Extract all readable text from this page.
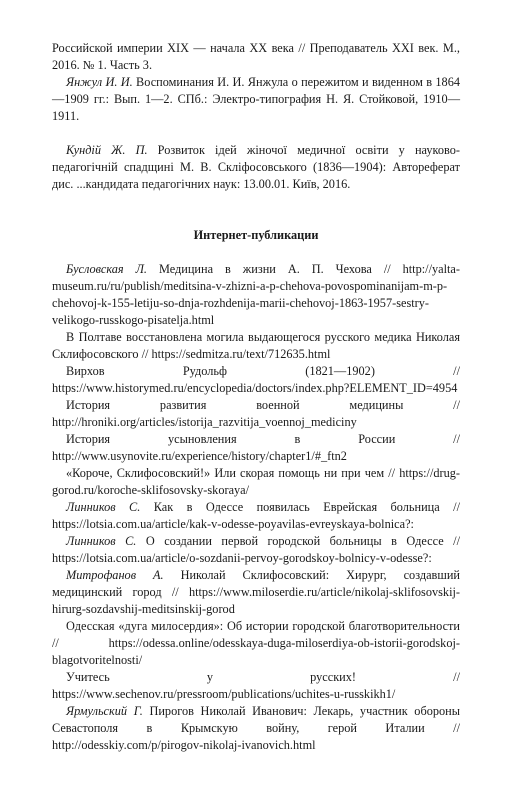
Российской империи XIX — начала XX века // Преподаватель XXI век. М., 2016. № 1. Часть 3.

Янжул И. И. Воспоминания И. И. Янжула о пережитом и виденном в 1864—1909 гг.: Вып. 1—2. СПб.: Электро-типография Н. Я. Стойковой, 1910—1911.

Кундій Ж. П. Розвиток ідей жіночої медичної освіти у науково-педагогічній спадщині М. В. Скліфосовського (1836—1904): Автореферат дис. ...кандидата педагогічних наук: 13.00.01. Київ, 2016.

Интернет-публикации

Бусловская Л. Медицина в жизни А. П. Чехова // http://yalta-museum.ru/ru/publish/meditsina-v-zhizni-a-p-chehova-povospominanijam-m-p-chehovoj-k-155-letiju-so-dnja-rozhdenija-marii-chehovoj-1863-1957-sestry-velikogo-russkogo-pisatelja.html

В Полтаве восстановлена могила выдающегося русского медика Николая Склифосовского // https://sedmitza.ru/text/712635.html

Вирхов Рудольф (1821—1902) // https://www.historymed.ru/encyclopedia/doctors/index.php?ELEMENT_ID=4954

История развития военной медицины // http://hroniki.org/articles/istorija_razvitija_voennoj_mediciny

История усыновления в России // http://www.usynovite.ru/experience/history/chapter1/#_ftn2

«Короче, Склифосовский!» Или скорая помощь ни при чем // https://drug-gorod.ru/koroche-sklifosovsky-skoraya/

Линников С. Как в Одессе появилась Еврейская больница // https://lotsia.com.ua/article/kak-v-odesse-poyavilas-evreyskaya-bolnica?:

Линников С. О создании первой городской больницы в Одессе // https://lotsia.com.ua/article/o-sozdanii-pervoy-gorodskoy-bolnicy-v-odesse?:

Митрофанов А. Николай Склифосовский: Хирург, создавший медицинский город // https://www.miloserdie.ru/article/nikolaj-sklifosovskij-hirurg-sozdavshij-meditsinskij-gorod

Одесская «дуга милосердия»: Об истории городской благотворительности // https://odessa.online/odesskaya-duga-miloserdiya-ob-istorii-gorodskoj-blagotvoritelnosti/

Учитесь у русских! // https://www.sechenov.ru/pressroom/publications/uchites-u-russkikh1/

Ярмульский Г. Пирогов Николай Иванович: Лекарь, участник обороны Севастополя в Крымскую войну, герой Италии // http://odesskiy.com/p/pirogov-nikolaj-ivanovich.html
